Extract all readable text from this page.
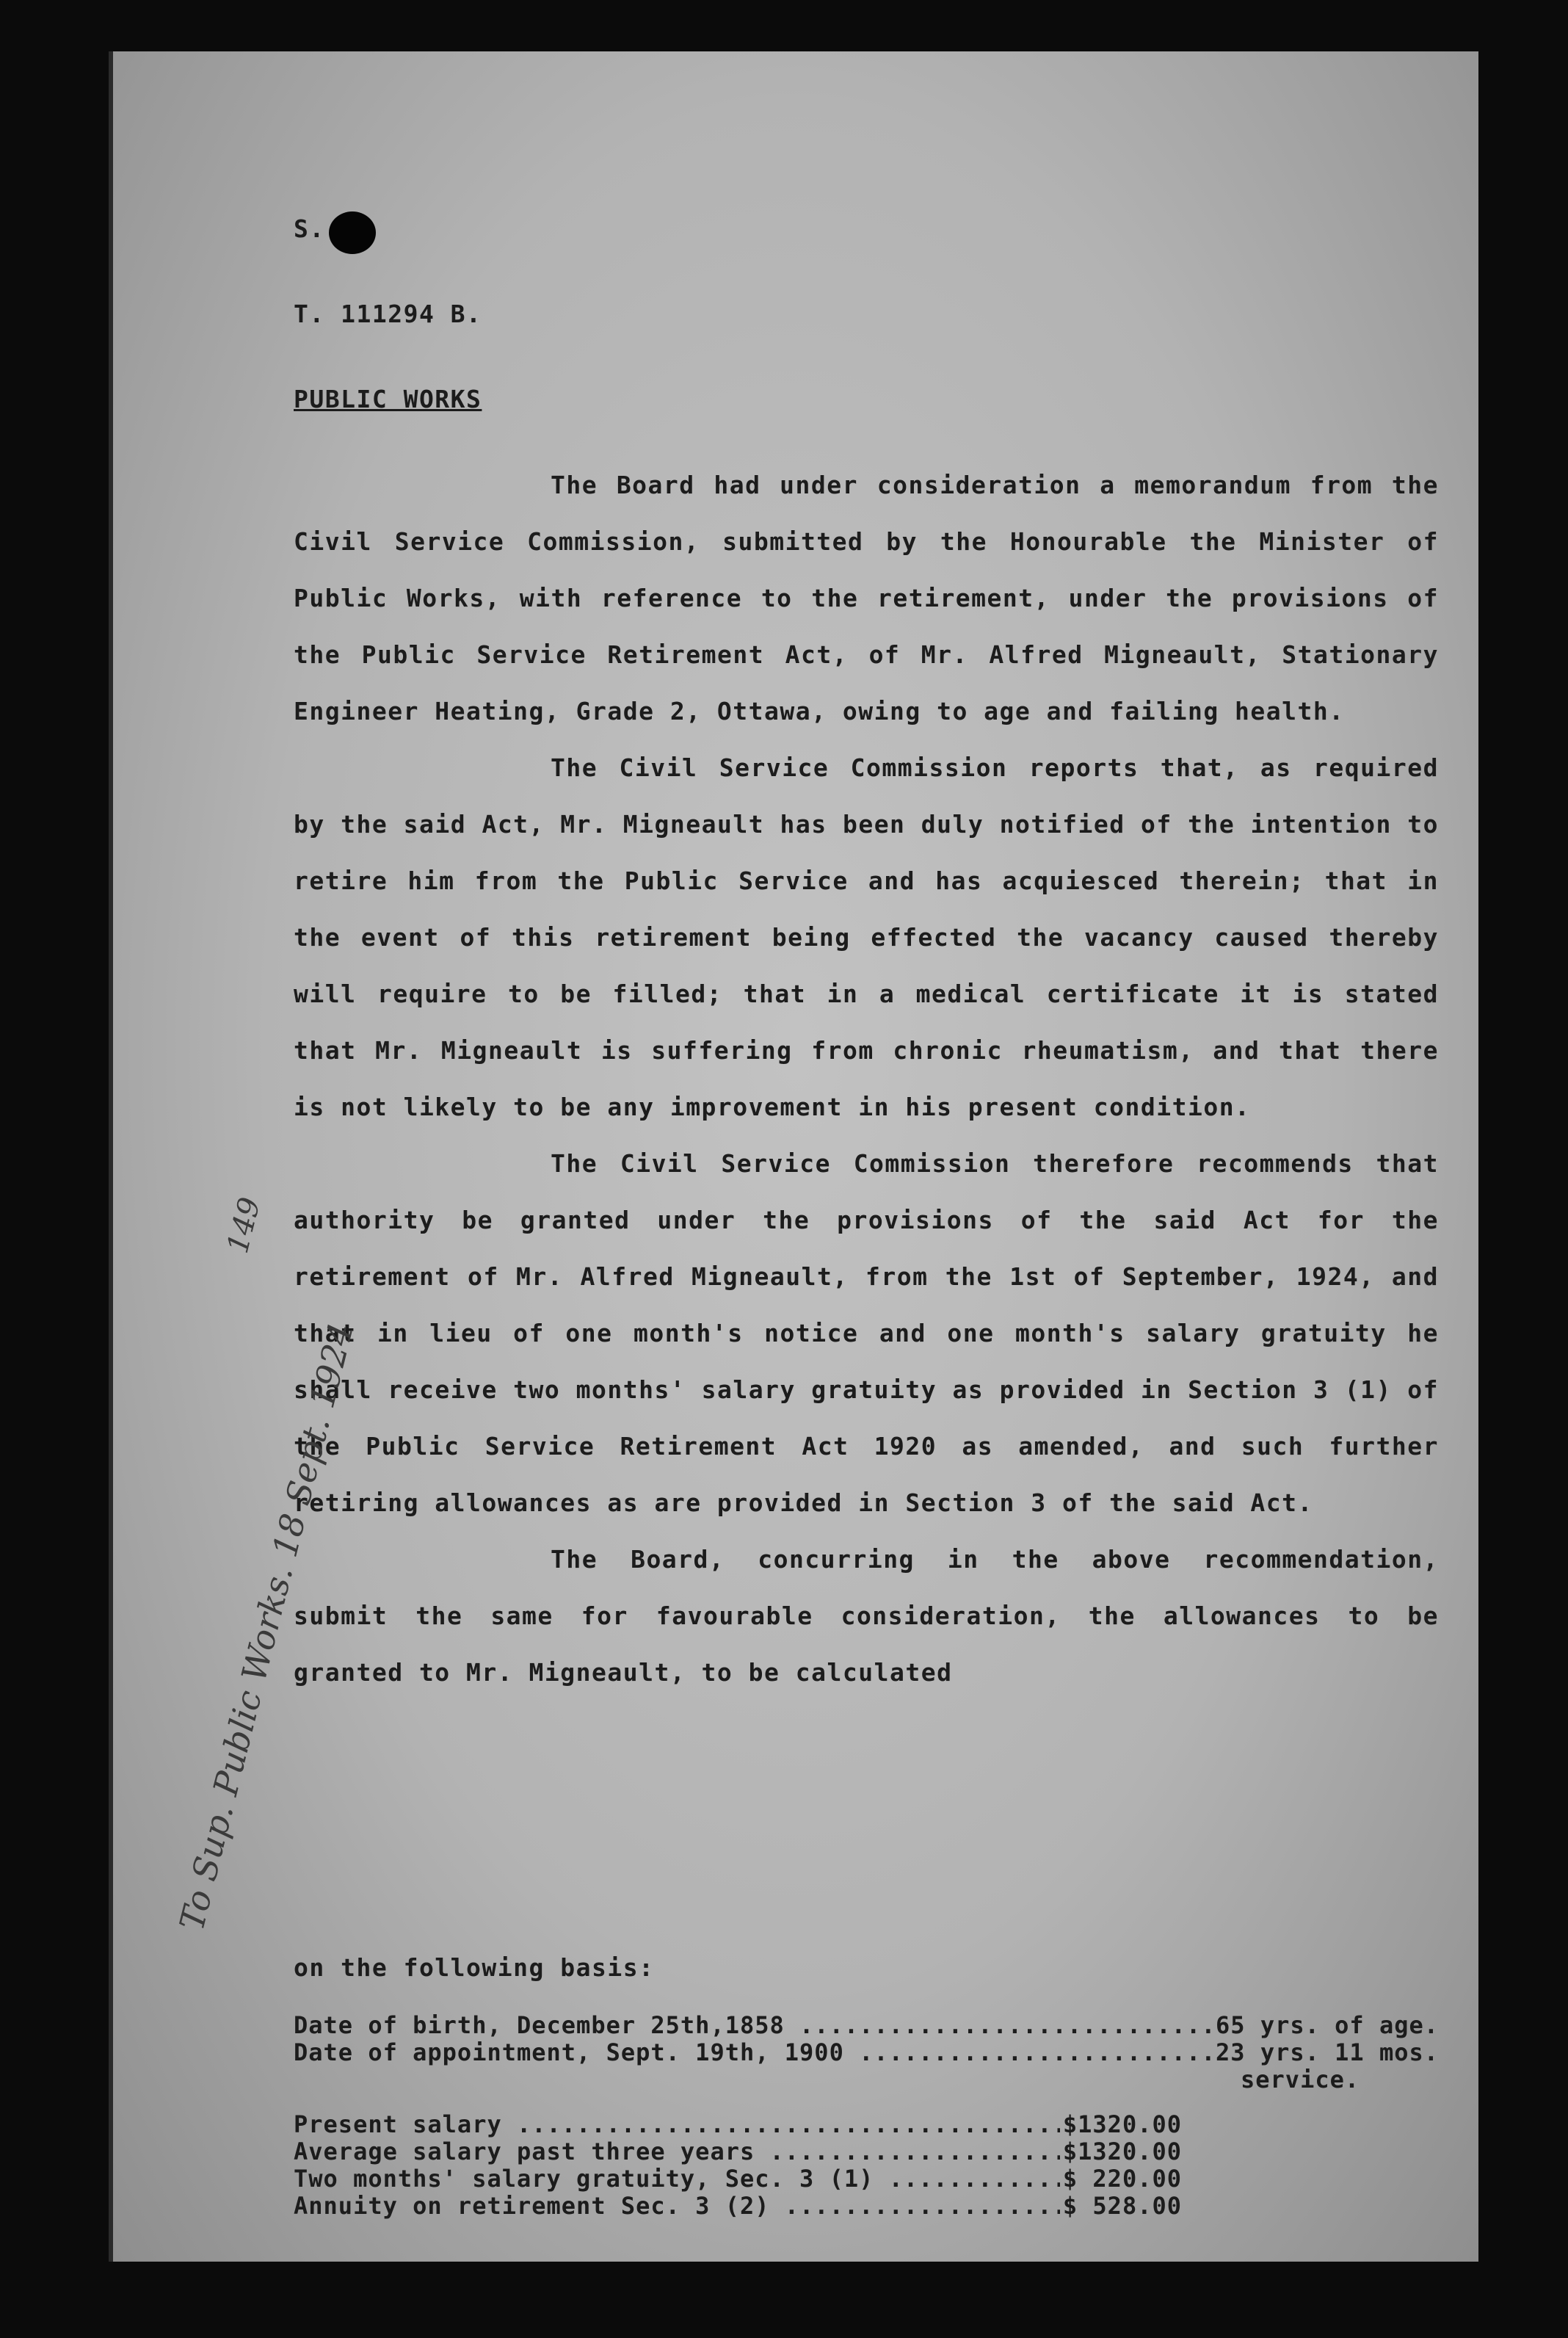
S.
T. 111294 B.
PUBLIC WORKS

The Board had under consideration a memorandum from the Civil Service Commission, submitted by the Honourable the Minister of Public Works, with reference to the retirement, under the provisions of the Public Service Retirement Act, of Mr. Alfred Migneault, Stationary Engineer Heating, Grade 2, Ottawa, owing to age and failing health.

The Civil Service Commission reports that, as required by the said Act, Mr. Migneault has been duly notified of the intention to retire him from the Public Service and has acquiesced therein; that in the event of this retirement being effected the vacancy caused thereby will require to be filled; that in a medical certificate it is stated that Mr. Migneault is suffering from chronic rheumatism, and that there is not likely to be any improvement in his present condition.

The Civil Service Commission therefore recommends that authority be granted under the provisions of the said Act for the retirement of Mr. Alfred Migneault, from the 1st of September, 1924, and that in lieu of one month's notice and one month's salary gratuity he shall receive two months' salary gratuity as provided in Section 3 (1) of the Public Service Retirement Act 1920 as amended, and such further retiring allowances as are provided in Section 3 of the said Act.

The Board, concurring in the above recommendation, submit the same for favourable consideration, the allowances to be granted to Mr. Migneault, to be calculated

on the following basis:
Date of birth, December 25th,1858 .....	65 yrs. of age.
Date of appointment, Sept. 19th, 1900 .....	23 yrs. 11 mos.
service.
Present salary .....	$1320.00
Average salary past three years .....	$1320.00
Two months' salary gratuity, Sec. 3 (1) .....	$ 220.00
Annuity on retirement Sec. 3 (2) .....	$ 528.00
To Sup. Public Works. 18 Sept. 1924
149
